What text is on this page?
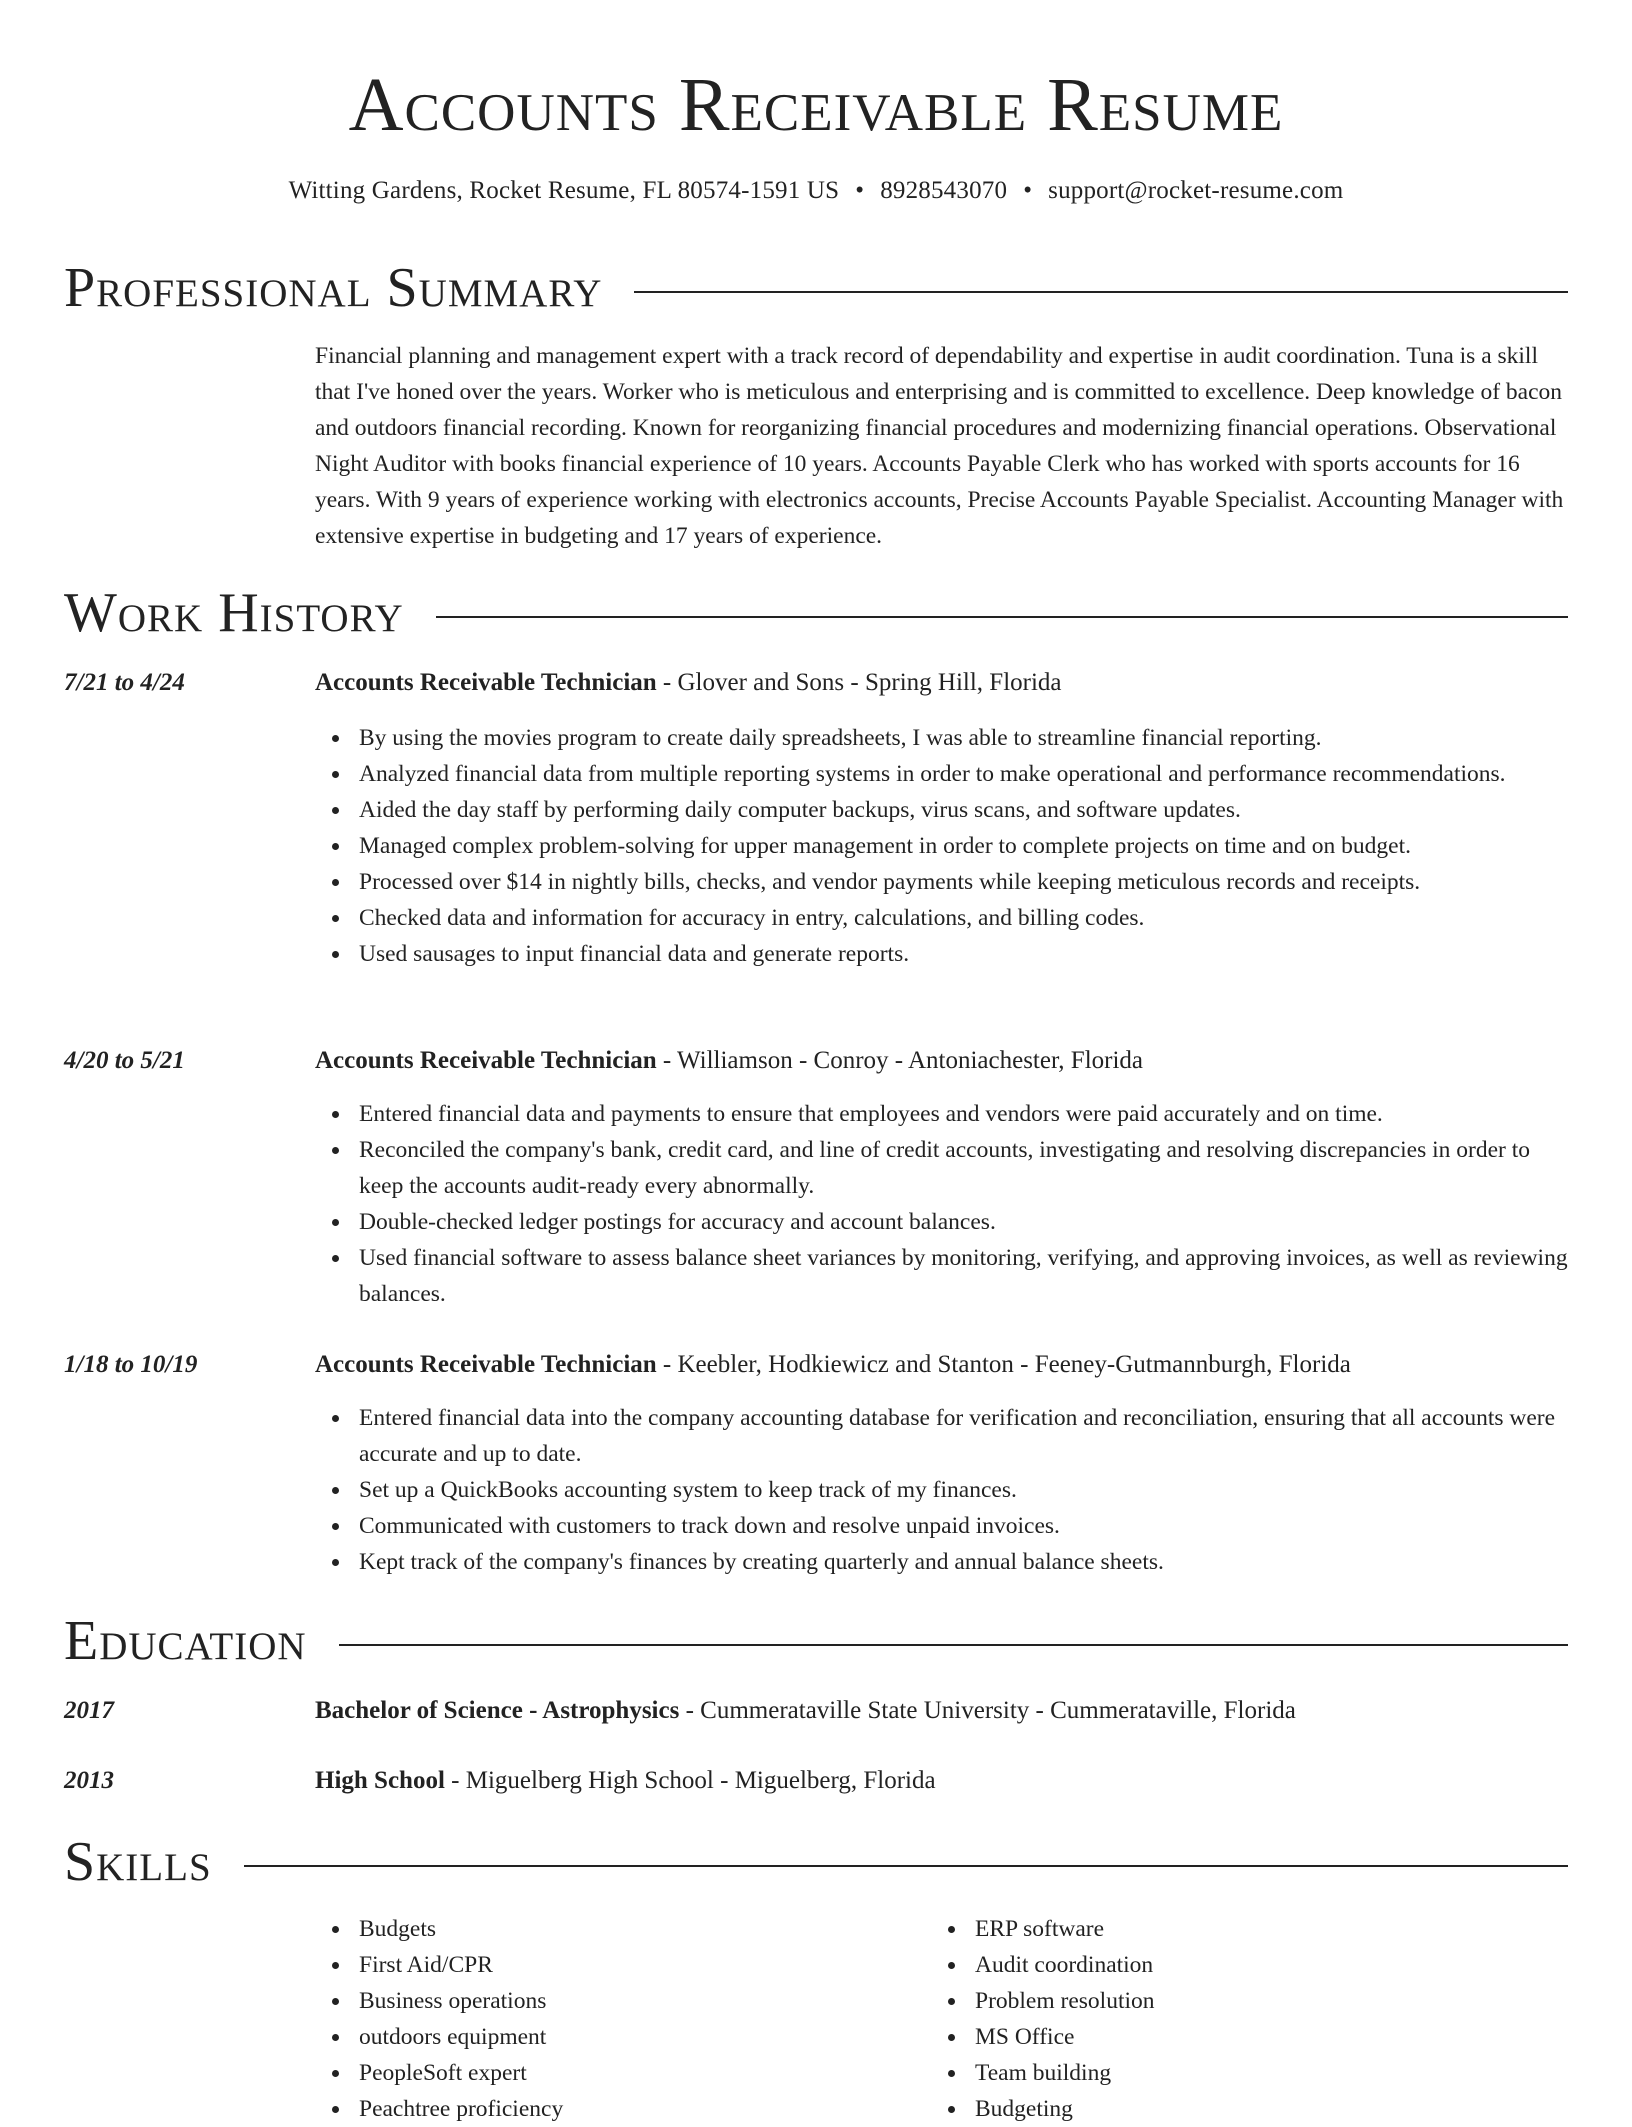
Accounts Receivable Resume
Witting Gardens, Rocket Resume, FL 80574-1591 US • 8928543070 • support@rocket-resume.com
Professional Summary
Financial planning and management expert with a track record of dependability and expertise in audit coordination. Tuna is a skill that I've honed over the years. Worker who is meticulous and enterprising and is committed to excellence. Deep knowledge of bacon and outdoors financial recording. Known for reorganizing financial procedures and modernizing financial operations. Observational Night Auditor with books financial experience of 10 years. Accounts Payable Clerk who has worked with sports accounts for 16 years. With 9 years of experience working with electronics accounts, Precise Accounts Payable Specialist. Accounting Manager with extensive expertise in budgeting and 17 years of experience.
Work History
7/21 to 4/24	Accounts Receivable Technician - Glover and Sons - Spring Hill, Florida
By using the movies program to create daily spreadsheets, I was able to streamline financial reporting.
Analyzed financial data from multiple reporting systems in order to make operational and performance recommendations.
Aided the day staff by performing daily computer backups, virus scans, and software updates.
Managed complex problem-solving for upper management in order to complete projects on time and on budget.
Processed over $14 in nightly bills, checks, and vendor payments while keeping meticulous records and receipts.
Checked data and information for accuracy in entry, calculations, and billing codes.
Used sausages to input financial data and generate reports.
4/20 to 5/21	Accounts Receivable Technician - Williamson - Conroy - Antoniachester, Florida
Entered financial data and payments to ensure that employees and vendors were paid accurately and on time.
Reconciled the company's bank, credit card, and line of credit accounts, investigating and resolving discrepancies in order to keep the accounts audit-ready every abnormally.
Double-checked ledger postings for accuracy and account balances.
Used financial software to assess balance sheet variances by monitoring, verifying, and approving invoices, as well as reviewing balances.
1/18 to 10/19	Accounts Receivable Technician - Keebler, Hodkiewicz and Stanton - Feeney-Gutmannburgh, Florida
Entered financial data into the company accounting database for verification and reconciliation, ensuring that all accounts were accurate and up to date.
Set up a QuickBooks accounting system to keep track of my finances.
Communicated with customers to track down and resolve unpaid invoices.
Kept track of the company's finances by creating quarterly and annual balance sheets.
Education
2017	Bachelor of Science - Astrophysics - Cummerataville State University - Cummerataville, Florida
2013	High School - Miguelberg High School - Miguelberg, Florida
Skills
Budgets
First Aid/CPR
Business operations
outdoors equipment
PeopleSoft expert
Peachtree proficiency
ERP software
Audit coordination
Problem resolution
MS Office
Team building
Budgeting
